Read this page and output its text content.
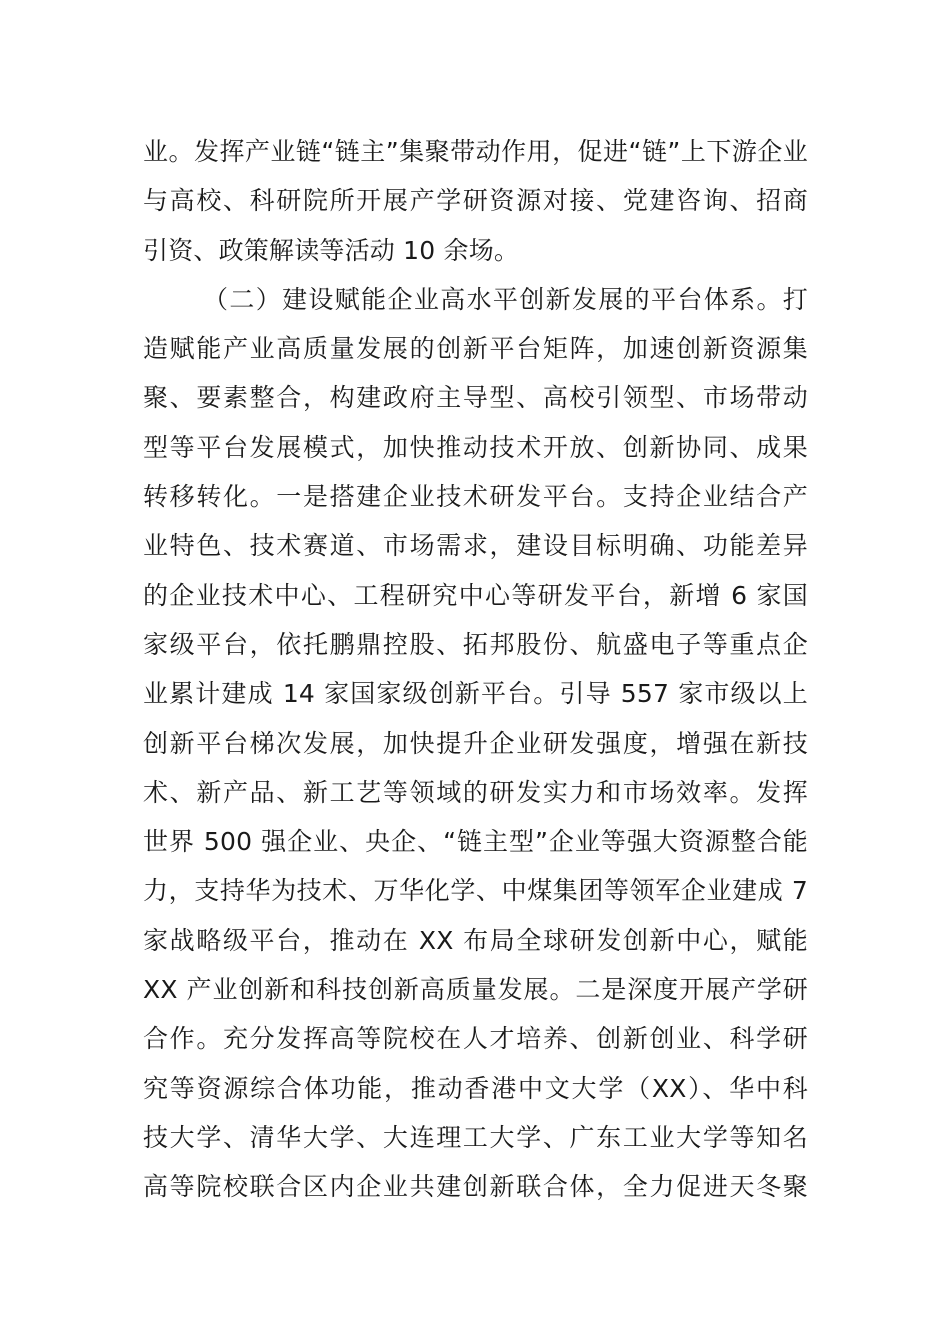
业。发挥产业链“链主”集聚带动作用，促进“链”上下游企业
与高校、科研院所开展产学研资源对接、党建咨询、招商
引资、政策解读等活动 10 余场。
（二）建设赋能企业高水平创新发展的平台体系。打
造赋能产业高质量发展的创新平台矩阵，加速创新资源集
聚、要素整合，构建政府主导型、高校引领型、市场带动
型等平台发展模式，加快推动技术开放、创新协同、成果
转移转化。一是搭建企业技术研发平台。支持企业结合产
业特色、技术赛道、市场需求，建设目标明确、功能差异
的企业技术中心、工程研究中心等研发平台，新增 6 家国
家级平台，依托鹏鼎控股、拓邦股份、航盛电子等重点企
业累计建成 14 家国家级创新平台。引导 557 家市级以上
创新平台梯次发展，加快提升企业研发强度，增强在新技
术、新产品、新工艺等领域的研发实力和市场效率。发挥
世界 500 强企业、央企、“链主型”企业等强大资源整合能
力，支持华为技术、万华化学、中煤集团等领军企业建成 7
家战略级平台，推动在 XX 布局全球研发创新中心，赋能
XX 产业创新和科技创新高质量发展。二是深度开展产学研
合作。充分发挥高等院校在人才培养、创新创业、科学研
究等资源综合体功能，推动香港中文大学（XX）、华中科
技大学、清华大学、大连理工大学、广东工业大学等知名
高等院校联合区内企业共建创新联合体，全力促进天冬聚
